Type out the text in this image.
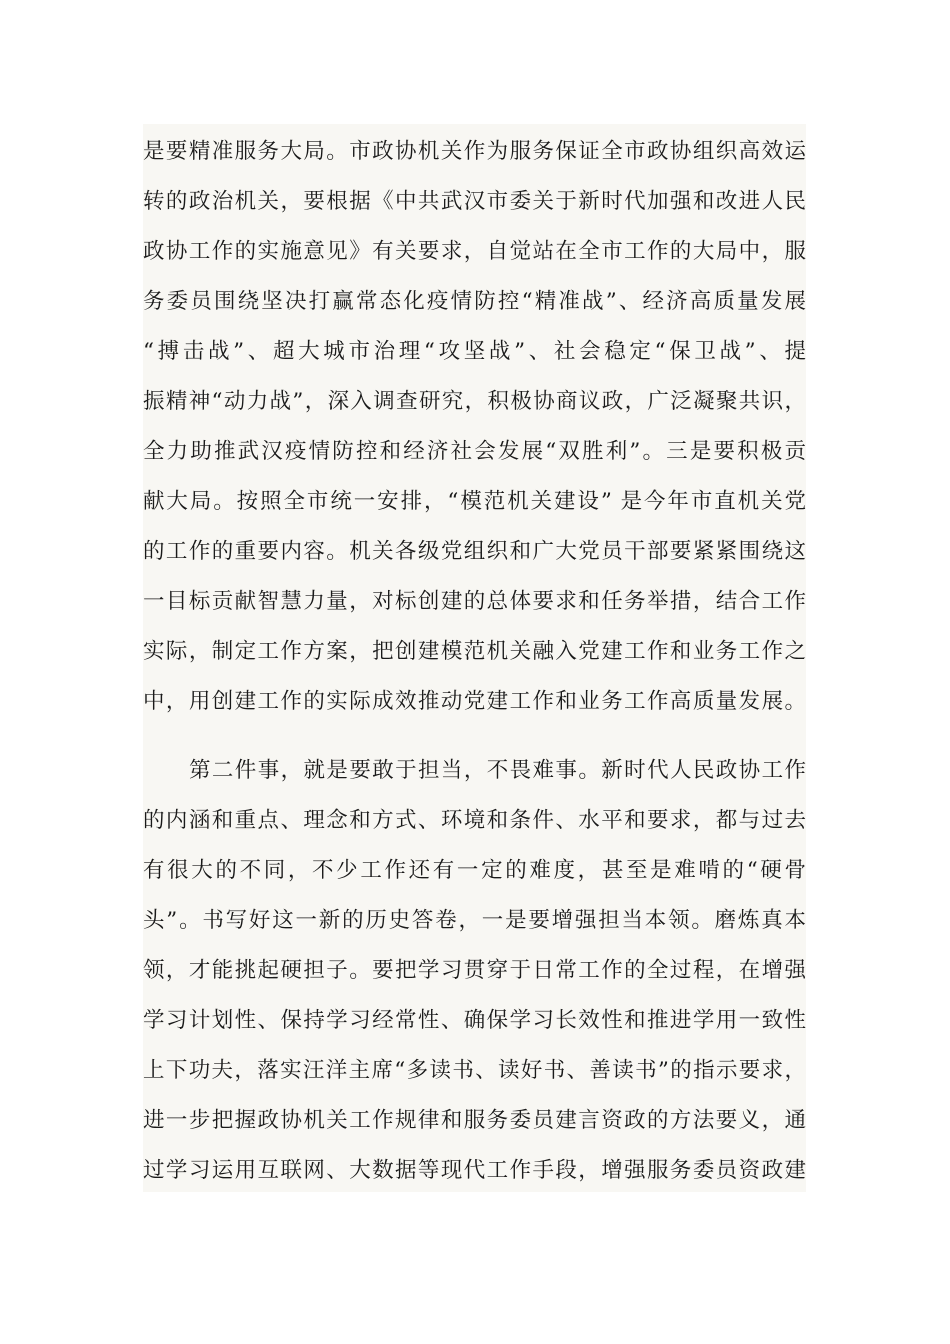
是要精准服务大局。市政协机关作为服务保证全市政协组织高效运
转的政治机关，要根据《中共武汉市委关于新时代加强和改进人民
政协工作的实施意见》有关要求，自觉站在全市工作的大局中，服
务委员围绕坚决打赢常态化疫情防控“精准战”、经济高质量发展
“搏击战”、超大城市治理“攻坚战”、社会稳定“保卫战”、提
振精神“动力战”，深入调查研究，积极协商议政，广泛凝聚共识，
全力助推武汉疫情防控和经济社会发展“双胜利”。三是要积极贡
献大局。按照全市统一安排，“模范机关建设” 是今年市直机关党
的工作的重要内容。机关各级党组织和广大党员干部要紧紧围绕这
一目标贡献智慧力量，对标创建的总体要求和任务举措，结合工作
实际，制定工作方案，把创建模范机关融入党建工作和业务工作之
中，用创建工作的实际成效推动党建工作和业务工作高质量发展。
第二件事，就是要敢于担当，不畏难事。新时代人民政协工作
的内涵和重点、理念和方式、环境和条件、水平和要求，都与过去
有很大的不同，不少工作还有一定的难度，甚至是难啃的“硬骨
头”。书写好这一新的历史答卷，一是要增强担当本领。磨炼真本
领，才能挑起硬担子。要把学习贯穿于日常工作的全过程，在增强
学习计划性、保持学习经常性、确保学习长效性和推进学用一致性
上下功夫，落实汪洋主席“多读书、读好书、善读书”的指示要求，
进一步把握政协机关工作规律和服务委员建言资政的方法要义，通
过学习运用互联网、大数据等现代工作手段，增强服务委员资政建
